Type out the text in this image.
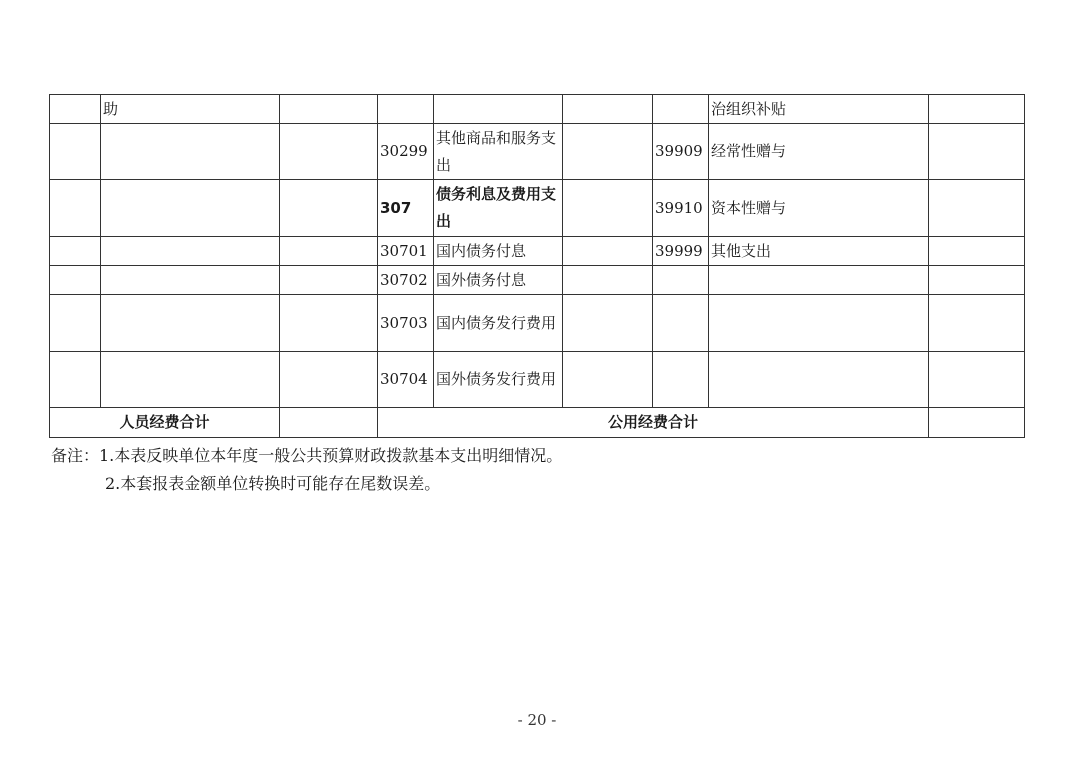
	助						治组织补贴	
			30299	其他商品和服务支出		39909	经常性赠与	
			307	债务利息及费用支出		39910	资本性赠与	
			30701	国内债务付息		39999	其他支出	
			30702	国外债务付息				
			30703	国内债务发行费用				
			30704	国外债务发行费用				
人员经费合计			公用经费合计					
备注：1.本表反映单位本年度一般公共预算财政拨款基本支出明细情况。
2.本套报表金额单位转换时可能存在尾数误差。
- 20 -
